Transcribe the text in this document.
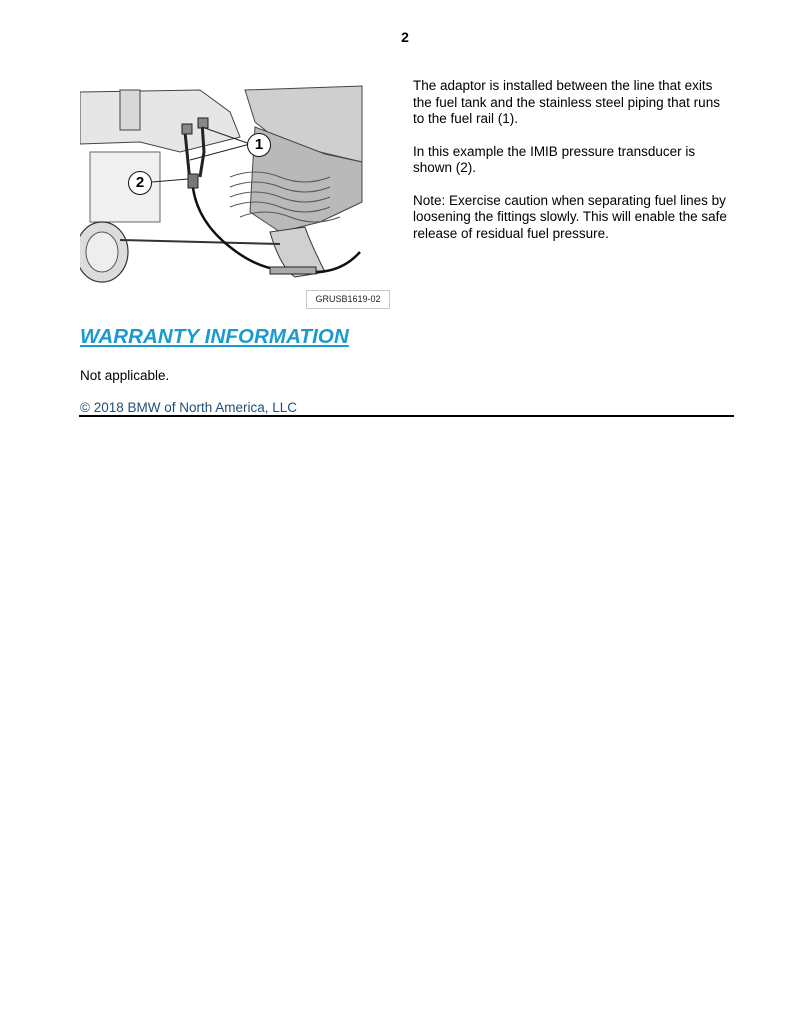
2
1
2
GRUSB1619-02

The adaptor is installed between the line that exits the fuel tank and the stainless steel piping that runs to the fuel rail (1).

In this example the IMIB pressure transducer is shown (2).

Note: Exercise caution when separating fuel lines by loosening the fittings slowly. This will enable the safe release of residual fuel pressure.

WARRANTY INFORMATION

Not applicable.

© 2018 BMW of North America, LLC
